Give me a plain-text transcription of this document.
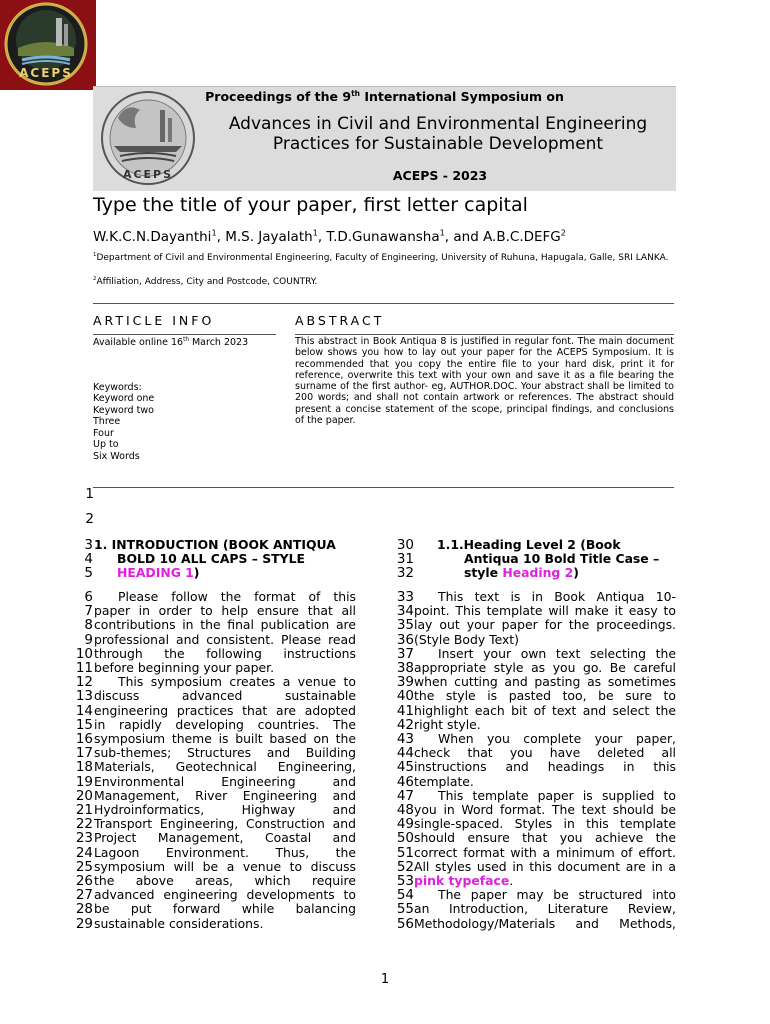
ACEPS
ACEPS
Proceedings of the 9th International Symposium on
Advances in Civil and Environmental Engineering
Practices for Sustainable Development
ACEPS - 2023
Type the title of your paper, first letter capital
W.K.C.N.Dayanthi$^1$, M.S. Jayalath$^1$, T.D.Gunawansha$^1$, and A.B.C.DEFG$^2$
$^1$Department of Civil and Environmental Engineering, Faculty of Engineering, University of Ruhuna, Hapugala, Galle, SRI LANKA.
$^2$Affiliation, Address, City and Postcode, COUNTRY.
ARTICLE INFO
Available online 16th March 2023
Keywords:
Keyword one
Keyword two
Three
Four
Up to
Six Words
ABSTRACT
This abstract in Book Antiqua 8 is justified in regular font. The main document below shows you how to lay out your paper for the ACEPS Symposium. It is recommended that you copy the entire file to your hard disk, print it for reference, overwrite this text with your own and save it as a file bearing the surname of the first author- eg, AUTHOR.DOC. Your abstract shall be limited to 200 words; and shall not contain artwork or references. The abstract should present a concise statement of the scope, principal findings, and conclusions of the paper.
1
2
3 1. INTRODUCTION (BOOK ANTIQUA
4 BOLD 10 ALL CAPS – STYLE
5 HEADING 1)
6 Please follow the format of this
7 paper in order to help ensure that all
8 contributions in the final publication are
9 professional and consistent. Please read
10 through the following instructions
11 before beginning your paper.
12 This symposium creates a venue to
13 discuss advanced sustainable
14 engineering practices that are adopted
15 in rapidly developing countries. The
16 symposium theme is built based on the
17 sub-themes; Structures and Building
18 Materials, Geotechnical Engineering,
19 Environmental Engineering and
20 Management, River Engineering and
21 Hydroinformatics, Highway and
22 Transport Engineering, Construction and
23 Project Management, Coastal and
24 Lagoon Environment. Thus, the
25 symposium will be a venue to discuss
26 the above areas, which require
27 advanced engineering developments to
28 be put forward while balancing
29 sustainable considerations.
30 1.1.Heading Level 2 (Book
31	Antiqua 10 Bold Title Case –
32	style Heading 2)
33 This text is in Book Antiqua 10-
34 point. This template will make it easy to
35 lay out your paper for the proceedings.
36 (Style Body Text)
37 Insert your own text selecting the
38 appropriate style as you go. Be careful
39 when cutting and pasting as sometimes
40 the style is pasted too, be sure to
41 highlight each bit of text and select the
42 right style.
43 When you complete your paper,
44 check that you have deleted all
45 instructions and headings in this
46 template.
47 This template paper is supplied to
48 you in Word format. The text should be
49 single-spaced. Styles in this template
50 should ensure that you achieve the
51 correct format with a minimum of effort.
52 All styles used in this document are in a
53 pink typeface.
54 The paper may be structured into
55 an Introduction, Literature Review,
56 Methodology/Materials and Methods,
1
